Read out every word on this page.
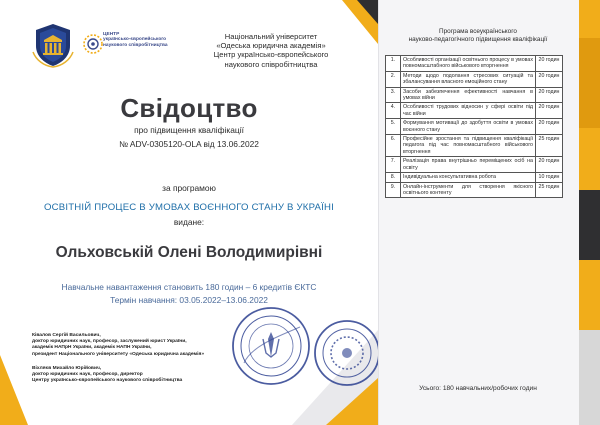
ЦЕНТР
українсько-європейського
наукового співробітництва
Національний університет
«Одеська юридична академія»
Центр українсько-європейського
наукового співробітництва
Свідоцтво
про підвищення кваліфікації
№ ADV-0305120-OLA від 13.06.2022
за програмою
ОСВІТНІЙ ПРОЦЕС В УМОВАХ ВОЄННОГО СТАНУ В УКРАЇНІ
видане:
Ольховській Олені Володимирівні
Навчальне навантаження становить 180 годин – 6 кредитів ЄКТС
Термін навчання: 03.05.2022–13.06.2022
Ківалов Сергій Васильович,
доктор юридичних наук, професор, заслужений юрист України,
академік НАПрН України, академік НАПН України,
президент Національного університету «Одеська юридична академія»
Віхляєв Михайло Юрійович,
доктор юридичних наук, професор, директор
Центру українсько-європейського наукового співробітництва
Програма всеукраїнського
науково-педагогічного підвищення кваліфікації
1.	Особливості організації освітнього процесу в умовах повномасштабного військового вторгнення	20 годин
2.	Методи щодо подолання стресових ситуацій та збалансування власного емоційного стану	20 годин
3.	Засоби забезпечення ефективності навчання в умовах війни	20 годин
4.	Особливості трудових відносин у сфері освіти під час війни	20 годин
5.	Формування мотивації до здобуття освіти в умовах воєнного стану	20 годин
6.	Професійне зростання та підвищення кваліфікації педагога під час повномасштабного військового вторгнення	25 годин
7.	Реалізація права внутрішньо переміщених осіб на освіту	20 годин
8.	Індивідуальна консультативна робота	10 годин
9.	Онлайн-інструменти для створення якісного освітнього контенту	25 годин
Усього: 180 навчальних/робочих годин
